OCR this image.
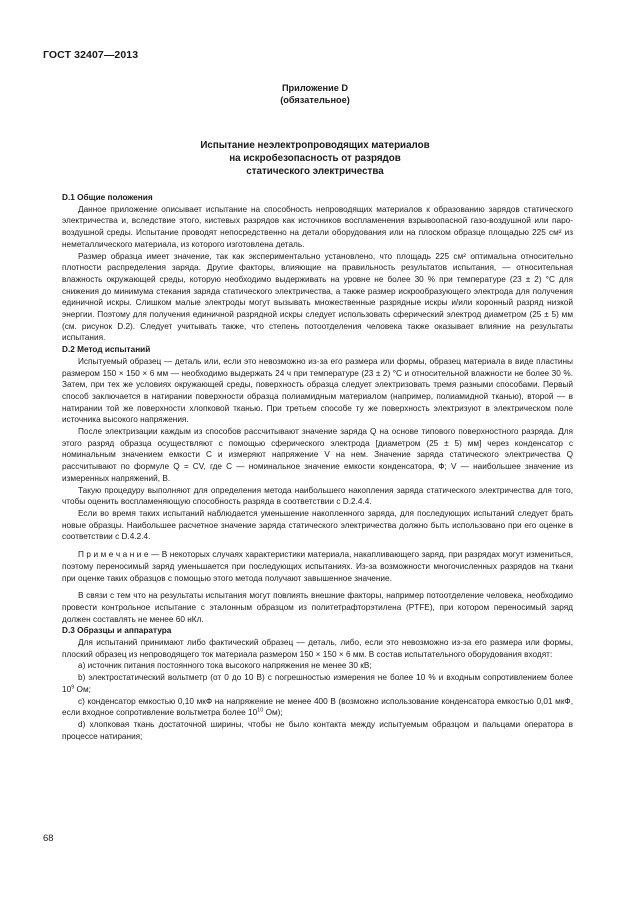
ГОСТ 32407—2013
Приложение D
(обязательное)
Испытание неэлектропроводящих материалов
на искробезопасность от разрядов
статического электричества

D.1 Общие положения

Данное приложение описывает испытание на способность непроводящих материалов к образованию зарядов статического электричества и, вследствие этого, кистевых разрядов как источников воспламенения взрывоопасной газо-воздушной или паро-воздушной среды. Испытание проводят непосредственно на детали оборудования или на плоском образце площадью 225 см² из неметаллического материала, из которого изготовлена деталь.

Размер образца имеет значение, так как экспериментально установлено, что площадь 225 см² оптимальна относительно плотности распределения заряда. Другие факторы, влияющие на правильность результатов испытания, — относительная влажность окружающей среды, которую необходимо выдерживать на уровне не более 30 % при температуре (23 ± 2) °С для снижения до минимума стекания заряда статического электричества, а также размер искрообразующего электрода для получения единичной искры. Слишком малые электроды могут вызывать множественные разрядные искры и/или коронный разряд низкой энергии. Поэтому для получения единичной разрядной искры следует использовать сферический электрод диаметром (25 ± 5) мм (см. рисунок D.2). Следует учитывать также, что степень потоотделения человека также оказывает влияние на результаты испытания.

D.2 Метод испытаний

Испытуемый образец — деталь или, если это невозможно из-за его размера или формы, образец материала в виде пластины размером 150 × 150 × 6 мм — необходимо выдержать 24 ч при температуре (23 ± 2) °С и относительной влажности не более 30 %. Затем, при тех же условиях окружающей среды, поверхность образца следует электризовать тремя разными способами. Первый способ заключается в натирании поверхности образца полиамидным материалом (например, полиамидной тканью), второй — в натирании той же поверхности хлопковой тканью. При третьем способе ту же поверхность электризуют в электрическом поле источника высокого напряжения.

После электризации каждым из способов рассчитывают значение заряда Q на основе типового поверхностного разряда. Для этого разряд образца осуществляют с помощью сферического электрода [диаметром (25 ± 5) мм] через конденсатор с номинальным значением емкости С и измеряют напряжение V на нем. Значение заряда статического электричества Q рассчитывают по формуле Q = CV, где С — номинальное значение емкости конденсатора, Ф; V — наибольшее значение из измеренных напряжений, В.

Такую процедуру выполняют для определения метода наибольшего накопления заряда статического электричества для того, чтобы оценить воспламеняющую способность разряда в соответствии с D.2.4.4.

Если во время таких испытаний наблюдается уменьшение накопленного заряда, для последующих испытаний следует брать новые образцы. Наибольшее расчетное значение заряда статического электричества должно быть использовано при его оценке в соответствии с D.4.2.4.

П р и м е ч а н и е — В некоторых случаях характеристики материала, накапливающего заряд, при разрядах могут измениться, поэтому переносимый заряд уменьшается при последующих испытаниях. Из-за возможности многочисленных разрядов на ткани при оценке таких образцов с помощью этого метода получают завышенное значение.

В связи с тем что на результаты испытания могут повлиять внешние факторы, например потоотделение человека, необходимо провести контрольное испытание с эталонным образцом из политетрафторэтилена (PTFE), при котором переносимый заряд должен составлять не менее 60 нКл.

D.3 Образцы и аппаратура

Для испытаний принимают либо фактический образец — деталь, либо, если это невозможно из-за его размера или формы, плоский образец из непроводящего ток материала размером 150 × 150 × 6 мм. В состав испытательного оборудования входят:

a) источник питания постоянного тока высокого напряжения не менее 30 кВ;

b) электростатический вольтметр (от 0 до 10 В) с погрешностью измерения не более 10 % и входным сопротивлением более $10^9$ Ом;

c) конденсатор емкостью 0,10 мкФ на напряжение не менее 400 В (возможно использование конденсатора емкостью 0,01 мкФ, если входное сопротивление вольтметра более $10^{10}$ Ом);

d) хлопковая ткань достаточной ширины, чтобы не было контакта между испытуемым образцом и пальцами оператора в процессе натирания;

68
